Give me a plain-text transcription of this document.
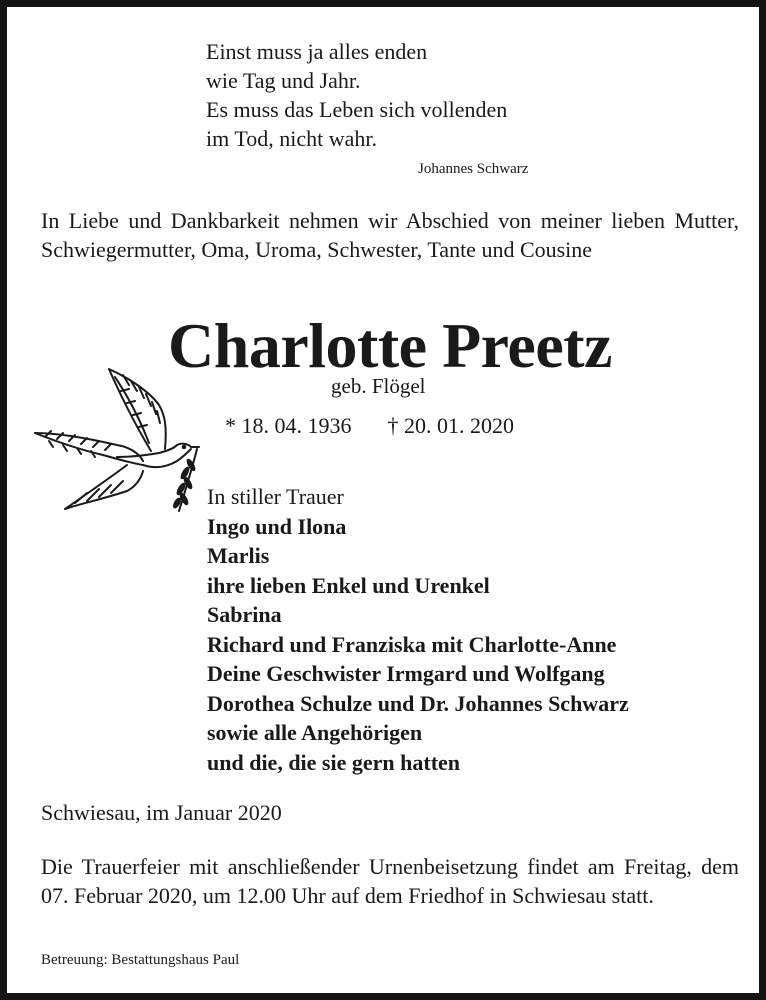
Einst muss ja alles enden
wie Tag und Jahr.
Es muss das Leben sich vollenden
im Tod, nicht wahr.
Johannes Schwarz
In Liebe und Dankbarkeit nehmen wir Abschied von meiner lieben Mutter, Schwiegermutter, Oma, Uroma, Schwester, Tante und Cousine
Charlotte Preetz
geb. Flögel
* 18. 04. 1936 † 20. 01. 2020
In stiller Trauer
Ingo und Ilona
Marlis
ihre lieben Enkel und Urenkel
Sabrina
Richard und Franziska mit Charlotte-Anne
Deine Geschwister Irmgard und Wolfgang
Dorothea Schulze und Dr. Johannes Schwarz
sowie alle Angehörigen
und die, die sie gern hatten
Schwiesau, im Januar 2020
Die Trauerfeier mit anschließender Urnenbeisetzung findet am Freitag, dem 07. Februar 2020, um 12.00 Uhr auf dem Friedhof in Schwiesau statt.
Betreuung: Bestattungshaus Paul
